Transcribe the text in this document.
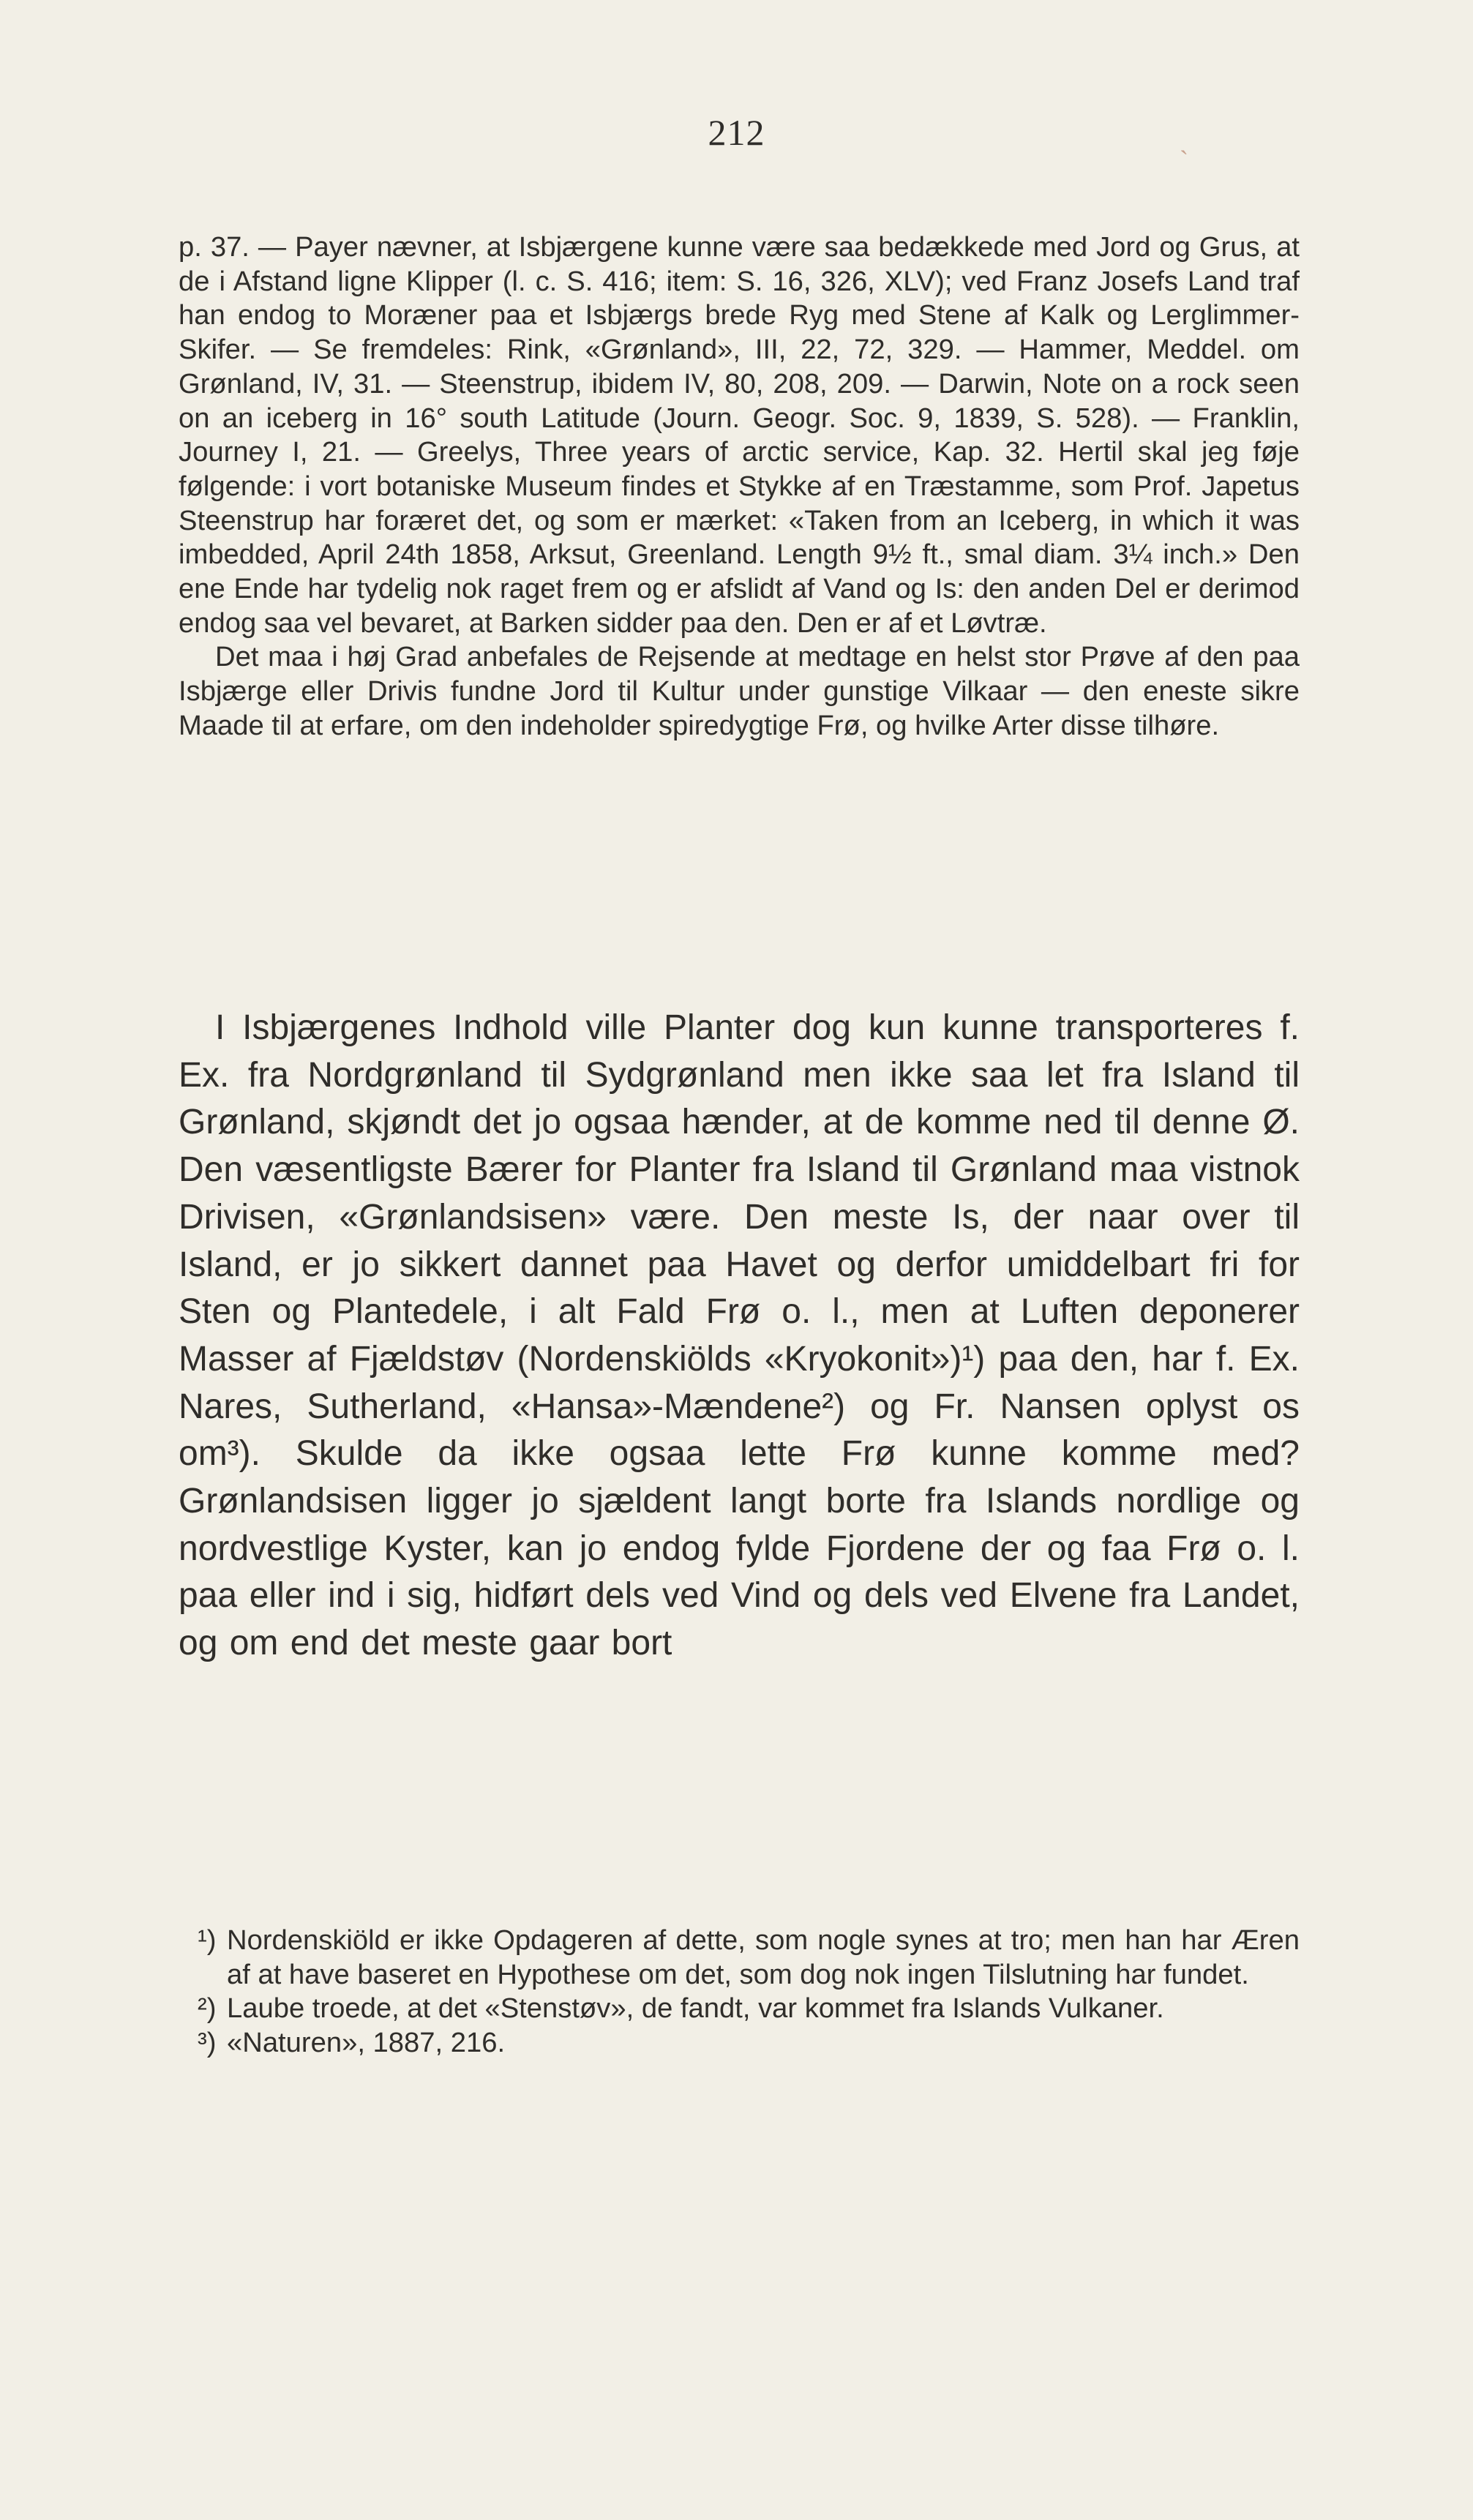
212	ˏ

p. 37. — Payer nævner, at Isbjærgene kunne være saa bedækkede med Jord og Grus, at de i Afstand ligne Klipper (l. c. S. 416; item: S. 16, 326, XLV); ved Franz Josefs Land traf han endog to Moræner paa et Isbjærgs brede Ryg med Stene af Kalk og Lerglimmer-Skifer. — Se fremdeles: Rink, «Grønland», III, 22, 72, 329. — Hammer, Meddel. om Grønland, IV, 31. — Steenstrup, ibidem IV, 80, 208, 209. — Darwin, Note on a rock seen on an iceberg in 16° south Latitude (Journ. Geogr. Soc. 9, 1839, S. 528). — Franklin, Journey I, 21. — Greelys, Three years of arctic service, Kap. 32. Hertil skal jeg føje følgende: i vort botaniske Museum findes et Stykke af en Træstamme, som Prof. Japetus Steenstrup har foræret det, og som er mærket: «Taken from an Iceberg, in which it was imbedded, April 24th 1858, Arksut, Greenland. Length 9½ ft., smal diam. 3¼ inch.» Den ene Ende har tydelig nok raget frem og er afslidt af Vand og Is: den anden Del er derimod endog saa vel bevaret, at Barken sidder paa den. Den er af et Løvtræ.

Det maa i høj Grad anbefales de Rejsende at medtage en helst stor Prøve af den paa Isbjærge eller Drivis fundne Jord til Kultur under gunstige Vilkaar — den eneste sikre Maade til at erfare, om den indeholder spiredygtige Frø, og hvilke Arter disse tilhøre.

I Isbjærgenes Indhold ville Planter dog kun kunne transporteres f. Ex. fra Nordgrønland til Sydgrønland men ikke saa let fra Island til Grønland, skjøndt det jo ogsaa hænder, at de komme ned til denne Ø. Den væsentligste Bærer for Planter fra Island til Grønland maa vistnok Drivisen, «Grønlandsisen» være. Den meste Is, der naar over til Island, er jo sikkert dannet paa Havet og derfor umiddelbart fri for Sten og Plantedele, i alt Fald Frø o. l., men at Luften deponerer Masser af Fjældstøv (Nordenskiölds «Kryokonit»)¹) paa den, har f. Ex. Nares, Sutherland, «Hansa»-Mændene²) og Fr. Nansen oplyst os om³). Skulde da ikke ogsaa lette Frø kunne komme med? Grønlandsisen ligger jo sjældent langt borte fra Islands nordlige og nordvestlige Kyster, kan jo endog fylde Fjordene der og faa Frø o. l. paa eller ind i sig, hidført dels ved Vind og dels ved Elvene fra Landet, og om end det meste gaar bort

¹) Nordenskiöld er ikke Opdageren af dette, som nogle synes at tro; men han har Æren af at have baseret en Hypothese om det, som dog nok ingen Tilslutning har fundet.
²) Laube troede, at det «Stenstøv», de fandt, var kommet fra Islands Vulkaner.
³) «Naturen», 1887, 216.
